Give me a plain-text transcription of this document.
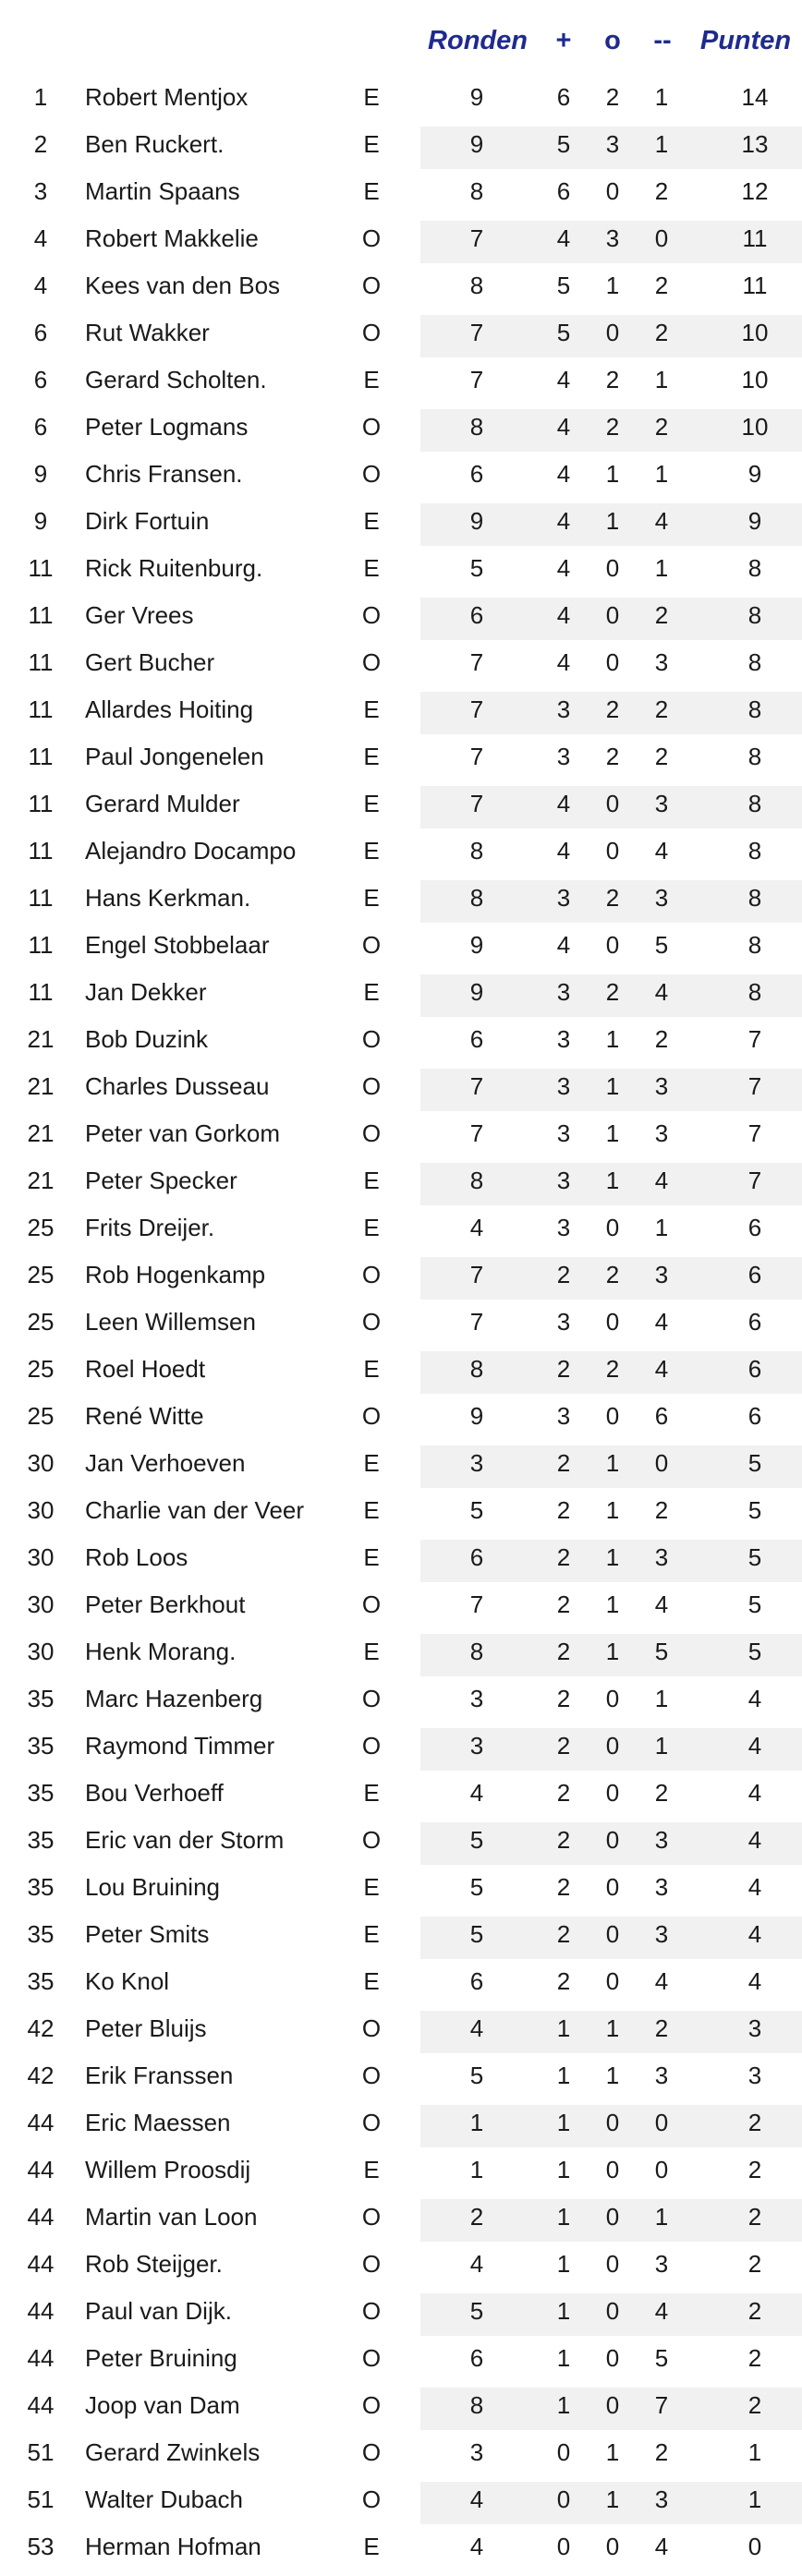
Ronden	+	o	--	Punten
1	Robert Mentjox	E	9	6	2	1	14
2	Ben Ruckert.	E	9	5	3	1	13
3	Martin Spaans	E	8	6	0	2	12
4	Robert Makkelie	O	7	4	3	0	11
4	Kees van den Bos	O	8	5	1	2	11
6	Rut Wakker	O	7	5	0	2	10
6	Gerard Scholten.	E	7	4	2	1	10
6	Peter Logmans	O	8	4	2	2	10
9	Chris Fransen.	O	6	4	1	1	9
9	Dirk Fortuin	E	9	4	1	4	9
11 Rick Ruitenburg.	E	5	4	0	1	8
11 Ger Vrees	O	6	4	0	2	8
11 Gert Bucher	O	7	4	0	3	8
11 Allardes Hoiting	E	7	3	2	2	8
11 Paul Jongenelen	E	7	3	2	2	8
11 Gerard Mulder	E	7	4	0	3	8
11 Alejandro Docampo	E	8	4	0	4	8
11 Hans Kerkman.	E	8	3	2	3	8
11 Engel Stobbelaar	O	9	4	0	5	8
11 Jan Dekker	E	9	3	2	4	8
21 Bob Duzink	O	6	3	1	2	7
21 Charles Dusseau	O	7	3	1	3	7
21 Peter van Gorkom	O	7	3	1	3	7
21 Peter Specker	E	8	3	1	4	7
25 Frits Dreijer.	E	4	3	0	1	6
25 Rob Hogenkamp	O	7	2	2	3	6
25 Leen Willemsen	O	7	3	0	4	6
25 Roel Hoedt	E	8	2	2	4	6
25 René Witte	O	9	3	0	6	6
30 Jan Verhoeven	E	3	2	1	0	5
30 Charlie van der Veer	E	5	2	1	2	5
30 Rob Loos	E	6	2	1	3	5
30 Peter Berkhout	O	7	2	1	4	5
30 Henk Morang.	E	8	2	1	5	5
35 Marc Hazenberg	O	3	2	0	1	4
35 Raymond Timmer	O	3	2	0	1	4
35 Bou Verhoeff	E	4	2	0	2	4
35 Eric van der Storm	O	5	2	0	3	4
35 Lou Bruining	E	5	2	0	3	4
35 Peter Smits	E	5	2	0	3	4
35 Ko Knol	E	6	2	0	4	4
42 Peter Bluijs	O	4	1	1	2	3
42 Erik Franssen	O	5	1	1	3	3
44 Eric Maessen	O	1	1	0	0	2
44 Willem Proosdij	E	1	1	0	0	2
44 Martin van Loon	O	2	1	0	1	2
44 Rob Steijger.	O	4	1	0	3	2
44 Paul van Dijk.	O	5	1	0	4	2
44 Peter Bruining	O	6	1	0	5	2
44 Joop van Dam	O	8	1	0	7	2
51 Gerard Zwinkels	O	3	0	1	2	1
51 Walter Dubach	O	4	0	1	3	1
53 Herman Hofman	E	4	0	0	4	0
